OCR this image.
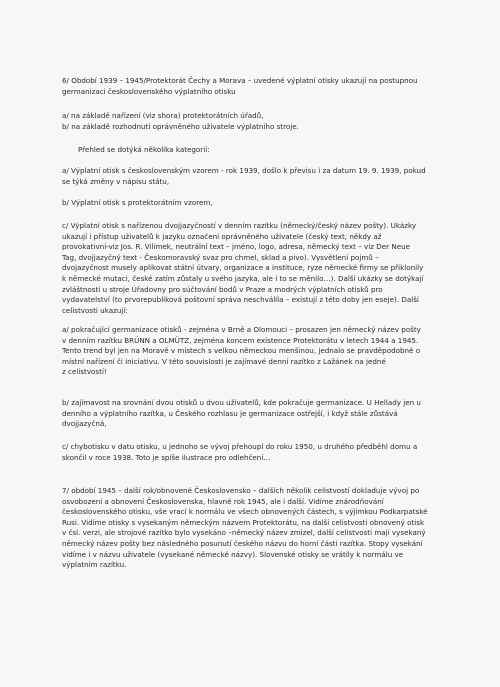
6/ Období 1939 – 1945/Protektorát Čechy a Morava – uvedené výplatní otisky ukazují na postupnou
germanizaci československého výplatního otisku

a/ na základě nařízení (viz shora) protektorátních úřadů,
b/ na základě rozhodnutí oprávněného uživatele výplatního stroje.

Přehled se dotýká několika kategorií:

a/ Výplatní otisk s československým vzorem - rok 1939, došlo k převisu i za datum 19. 9. 1939, pokud
se týká změny v nápisu státu,

b/ Výplatní otisk s protektorátním vzorem,

c/ Výplatní otisk s nařízenou dvojjazyčností v denním razítku (německý/český název pošty). Ukázky
ukazují i přístup uživatelů k jazyku označení oprávněného uživatele (český text, někdy až
provokativní-viz Jos. R. Vilímek, neutrální text – jméno, logo, adresa, německý text – viz Der Neue
Tag, dvojjazyčný text - Českomoravský svaz pro chmel, sklad a pivo). Vysvětlení pojmů –
dvojazyčnost musely aplikovat státní útvary, organizace a instituce, ryze německé firmy se přiklonily
k německé mutaci, české zatím zůstaly u svého jazyka, ale i to se měnilo…). Další ukázky se dotýkají
zvláštností u stroje Úřadovny pro súčtování bodů v Praze a modrých výplatních otisků pro
vydavatelství (to prvorepubliková poštovní správa neschválila – existují z této doby jen eseje). Další
celistvosti ukazují:

a/ pokračující germanizace otisků - zejména v Brně a Olomouci – prosazen jen německý název pošty
v denním razítku BRÜNN a OLMÜTZ, zejména koncem existence Protektorátu v letech 1944 a 1945.
Tento trend byl jen na Moravě v místech s velkou německou menšinou, jednalo se pravděpodobně o
místní nařízení či iniciativu. V této souvislosti je zajímavé denní razítko z Lažánek na jedné
z celistvostí!

b/ zajímavost na srovnání dvou otisků u dvou uživatelů, kde pokračuje germanizace. U Hellady jen u
denního a výplatního razítka, u Českého rozhlasu je germanizace ostřejší, i když stále zůstává
dvojjazyčná,

c/ chybotisku v datu otisku, u jednoho se vývoj přehoupl do roku 1950, u druhého předběhl domu a
skončil v roce 1938. Toto je spíše ilustrace pro odlehčení…

7/ období 1945 – další rok/obnovené Československo – dalších několik celistvostí dokladuje vývoj po
osvobození a obnovení Československa, hlavně rok 1945, ale i další. Vidíme znárodňování
československého otisku, vše vrací k normálu ve všech obnovených částech, s výjimkou Podkarpatské
Rusi. Vidíme otisky s vysekaným německým názvem Protektorátu, na další celistvosti obnovený otisk
v čsl. verzi, ale strojové razítko bylo vysekáno –německý název zmizel, další celistvosti mají vysekaný
německý název pošty bez následného posunutí českého názvu do horní části razítka. Stopy vysekání
vidíme i v názvu uživatele (vysekané německé názvy). Slovenské otisky se vrátily k normálu ve
výplatním razítku.
